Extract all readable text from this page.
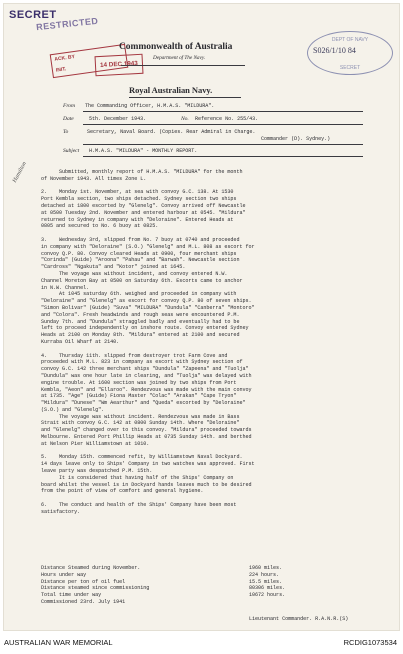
SECRET
RESTRICTED
ACK. BY
INIT.
14 DEC 1943
DEPT OF NAVY
SECRET
S026/1/10 84
Hamilton
Commonwealth of Australia
Department of The Navy.
Royal Australian Navy.
From The Commanding Officer, H.M.A.S. "MILDURA".
Date	5th. December 1943.	No. Reference No. 255/43.
To	Secretary, Naval Board. (Copies. Rear Admiral in Charge.
Commander (D). Sydney.)
Subject H.M.A.S. "MILDURA" - MONTHLY REPORT.
Submitted, monthly report of H.M.A.S. "MILDURA" for the month
of November 1943. All times Zone L.
2.    Monday 1st. November, at sea with convoy G.C. 138. At 1530
Port Kembla section, two ships detached. Sydney section two ships
detached at 1800 escorted by "Glenelg". Convoy arrived off Newcastle
at 0500 Tuesday 2nd. November and entered harbour at 0545. "Mildura"
returned to Sydney in company with "Deloraine". Entered Heads at
0805 and secured to No. 6 buoy at 0825.
3.    Wednesday 3rd, slipped from No. 7 buoy at 0740 and proceeded
in company with "Deloraine" (S.O.) "Glenelg" and M.L. 808 as escort for
convoy Q.P. 80. Convoy cleared Heads at 0900, four merchant ships
"Corinda" (Guide) "Aroona" "Pahau" and "Barwah". Newcastle section
"Cardross" "Ngakuta" and "Kotor" joined at 1645.
The voyage was without incident, and convoy entered N.W.
Channel Moreton Bay at 0500 on Saturday 6th. Escorts came to anchor
in N.W. Channel.
At 1045 saturday 6th. weighed and proceeded in company with
"Deloraine" and "Glenelg" as escort for convoy Q.P. 80 of seven ships.
"Simon Bolivar" (Guide) "Suva" "MILDURA" "Dundula" "Canberra" "Montoro"
and "Colora". Fresh headwinds and rough seas were encountered P.M.
Sunday 7th. and "Dundula" straggled badly and eventually had to be
left to proceed independently on inshore route. Convoy entered Sydney
Heads at 2100 on Monday 8th. "Mildura" entered at 2100 and secured
Kurraba Oil Wharf at 2140.
4.    Thursday 11th. slipped from destroyer trot Farm Cove and
proceeded with M.L. 823 in company as escort with Sydney section of
convoy G.C. 142 three merchant ships "Dundula" "Zapeena" and "Tuolja"
"Dundula" was one hour late in clearing, and "Tuolja" was delayed with
engine trouble. At 1600 section was joined by two ships from Port
Kembla, "Aeon" and "Ellaroo". Rendezvous was made with the main convoy
at 1735. "Age" (Guide) Fiona Master "Colac" "Arakan" "Cape Tryon"
"Mildura" "Dunese" "Wm Aearthur" and "Queda" escorted by "Deloraine"
(S.O.) and "Glenelg".
The voyage was without incident. Rendezvous was made in Bass
Strait with convoy G.C. 142 at 0800 Sunday 14th. Where "Deloraine"
and "Glenelg" changed over to this convoy. "Mildura" proceeded towards
Melbourne. Entered Port Phillip Heads at 0735 Sunday 14th. and berthed
at Nelson Pier Williamstown at 1010.
5.    Monday 15th. commenced refit, by Williamstown Naval Dockyard.
14 days leave only to Ships' Company in two watches was approved. First
leave party was despatched P.M. 15th.
It is considered that having half of the Ships' Company on
board whilst the vessel is in Dockyard hands leaves much to be desired
from the point of view of comfort and general hygiene.
6.    The conduct and health of the Ships' Company have been most
satisfactory.
Distance Steamed during November.	1960 miles.
Hours under way	224 hours.
Distance per ton of oil fuel	15.5 miles.
Distance steamed since commissioning	80306 miles.
Total time under way	10672 hours.
Commissioned 23rd. July 1941
Lieutenant Commander. R.A.N.R.(S)
AUSTRALIAN WAR MEMORIAL	RCDIG1073534
